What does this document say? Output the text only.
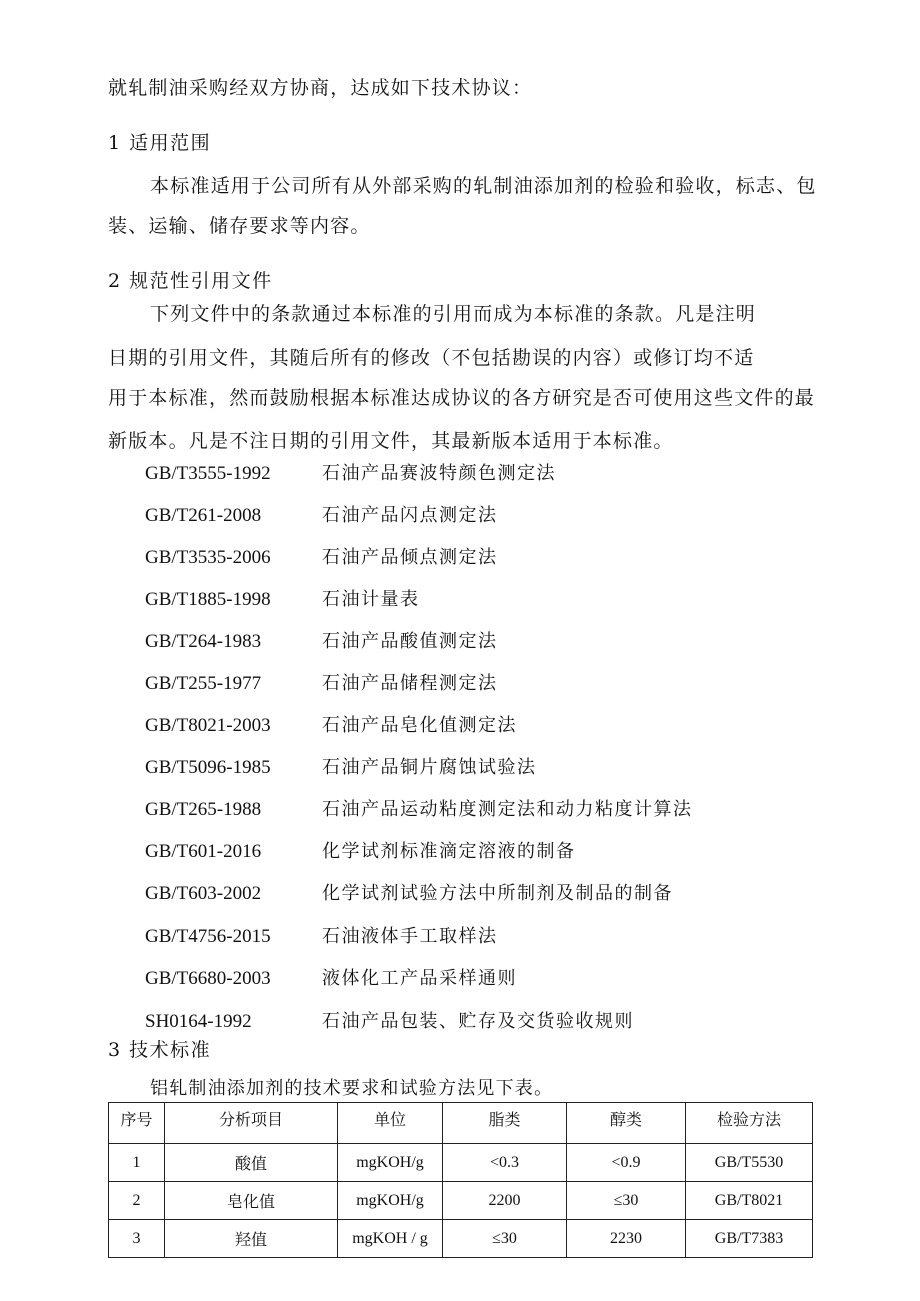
就轧制油采购经双方协商，达成如下技术协议：
1 适用范围
本标准适用于公司所有从外部采购的轧制油添加剂的检验和验收，标志、包
装、运输、储存要求等内容。
2 规范性引用文件
下列文件中的条款通过本标准的引用而成为本标准的条款。凡是注明
日期的引用文件，其随后所有的修改（不包括勘误的内容）或修订均不适
用于本标准，然而鼓励根据本标准达成协议的各方研究是否可使用这些文件的最
新版本。凡是不注日期的引用文件，其最新版本适用于本标准。
GB/T3555-1992	石油产品赛波特颜色测定法
GB/T261-2008	石油产品闪点测定法
GB/T3535-2006	石油产品倾点测定法
GB/T1885-1998	石油计量表
GB/T264-1983	石油产品酸值测定法
GB/T255-1977	石油产品储程测定法
GB/T8021-2003	石油产品皂化值测定法
GB/T5096-1985	石油产品铜片腐蚀试验法
GB/T265-1988	石油产品运动粘度测定法和动力粘度计算法
GB/T601-2016	化学试剂标准滴定溶液的制备
GB/T603-2002	化学试剂试验方法中所制剂及制品的制备
GB/T4756-2015	石油液体手工取样法
GB/T6680-2003	液体化工产品采样通则
SH0164-1992	石油产品包装、贮存及交货验收规则
3 技术标准
铝轧制油添加剂的技术要求和试验方法见下表。
序号	分析项目	单位	脂类	醇类	检验方法
1	酸值	mgKOH/g	<0.3	<0.9	GB/T5530
2	皂化值	mgKOH/g	2200	≤30	GB/T8021
3	羟值	mgKOH / g	≤30	2230	GB/T7383
